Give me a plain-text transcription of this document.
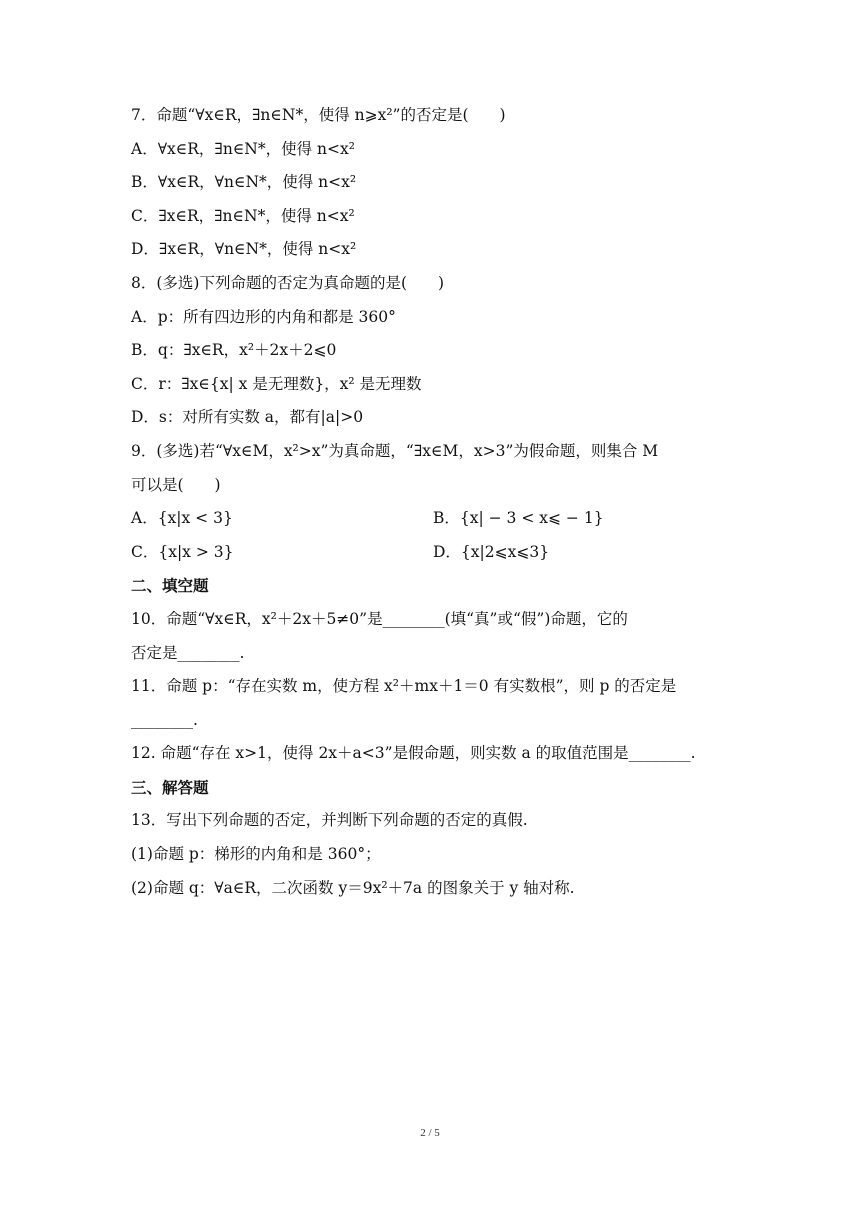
7．命题“∀x∈R，∃n∈N*，使得 n⩾x²”的否定是(　　)
A．∀x∈R，∃n∈N*，使得 n<x²
B．∀x∈R，∀n∈N*，使得 n<x²
C．∃x∈R，∃n∈N*，使得 n<x²
D．∃x∈R，∀n∈N*，使得 n<x²
8．(多选)下列命题的否定为真命题的是(　　)
A．p：所有四边形的内角和都是 360°
B．q：∃x∈R，x²＋2x＋2⩽0
C．r：∃x∈{x| x 是无理数}，x² 是无理数
D．s：对所有实数 a，都有|a|>0
9．(多选)若“∀x∈M，x²>x”为真命题，“∃x∈M，x>3”为假命题，则集合 M
可以是(　　)
A．{x|x < 3}	B．{x| − 3 < x⩽ − 1}
C．{x|x > 3}	D．{x|2⩽x⩽3}
二、填空题
10．命题“∀x∈R，x²＋2x＋5≠0”是________(填“真”或“假”)命题，它的
否定是________.
11．命题 p：“存在实数 m，使方程 x²＋mx＋1＝0 有实数根”，则 p 的否定是
________.
12. 命题“存在 x>1，使得 2x＋a<3”是假命题，则实数 a 的取值范围是________.
三、解答题
13．写出下列命题的否定，并判断下列命题的否定的真假.
(1)命题 p：梯形的内角和是 360°；
(2)命题 q：∀a∈R，二次函数 y＝9x²＋7a 的图象关于 y 轴对称.
2 / 5
